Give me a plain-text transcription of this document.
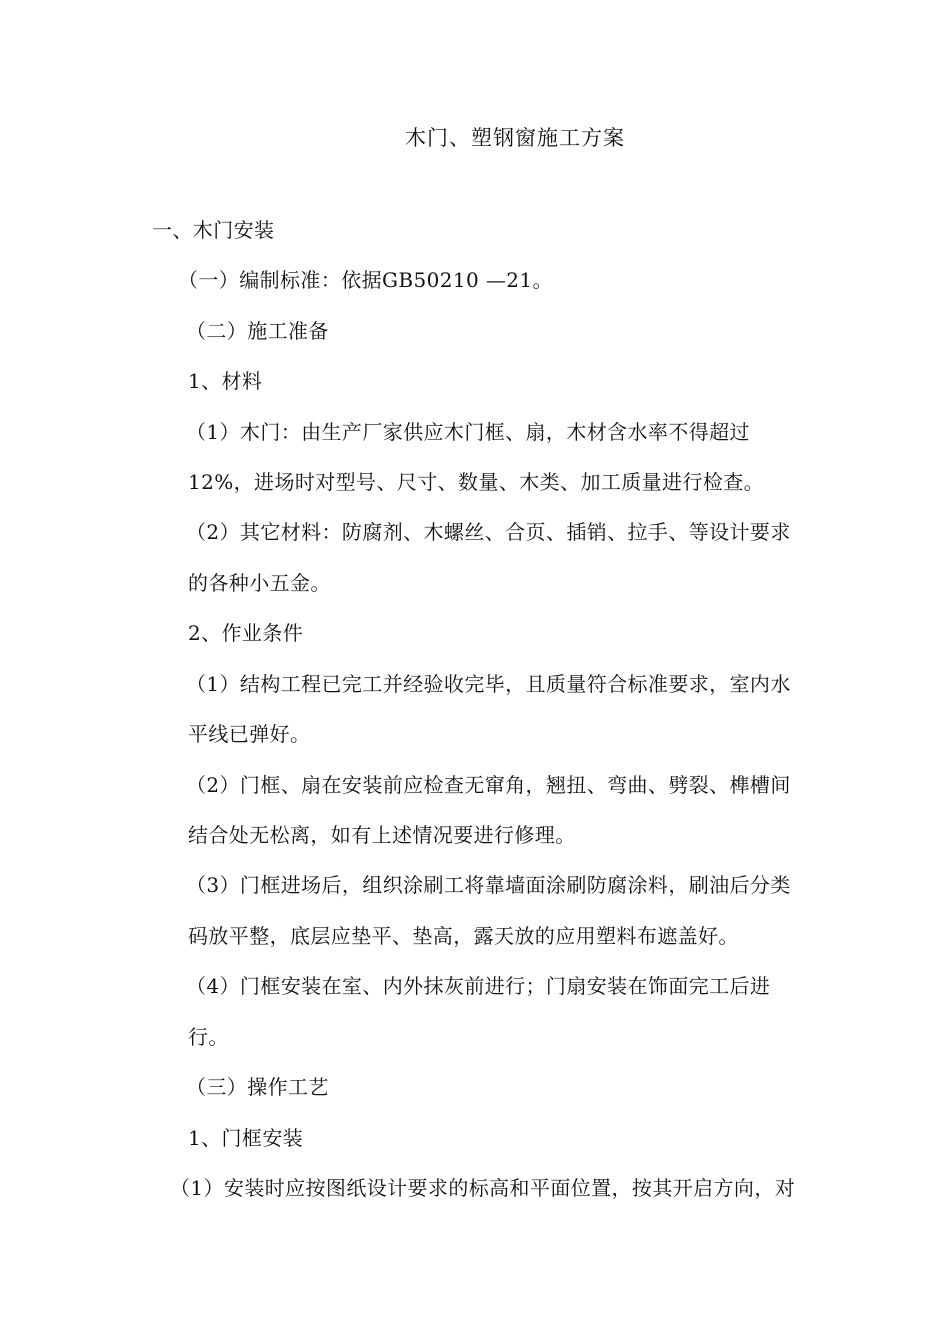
木门、塑钢窗施工方案
一、木门安装
（一）编制标准：依据GB50210 —21。
（二）施工准备
1、材料
（1）木门：由生产厂家供应木门框、扇，木材含水率不得超过
12%，进场时对型号、尺寸、数量、木类、加工质量进行检查。
（2）其它材料：防腐剂、木螺丝、合页、插销、拉手、等设计要求
的各种小五金。
2、作业条件
（1）结构工程已完工并经验收完毕，且质量符合标准要求，室内水
平线已弹好。
（2）门框、扇在安装前应检查无窜角，翘扭、弯曲、劈裂、榫槽间
结合处无松离，如有上述情况要进行修理。
（3）门框进场后，组织涂刷工将靠墙面涂刷防腐涂料，刷油后分类
码放平整，底层应垫平、垫高，露天放的应用塑料布遮盖好。
（4）门框安装在室、内外抹灰前进行；门扇安装在饰面完工后进
行。
（三）操作工艺
1、门框安装
（1）安装时应按图纸设计要求的标高和平面位置，按其开启方向，对
